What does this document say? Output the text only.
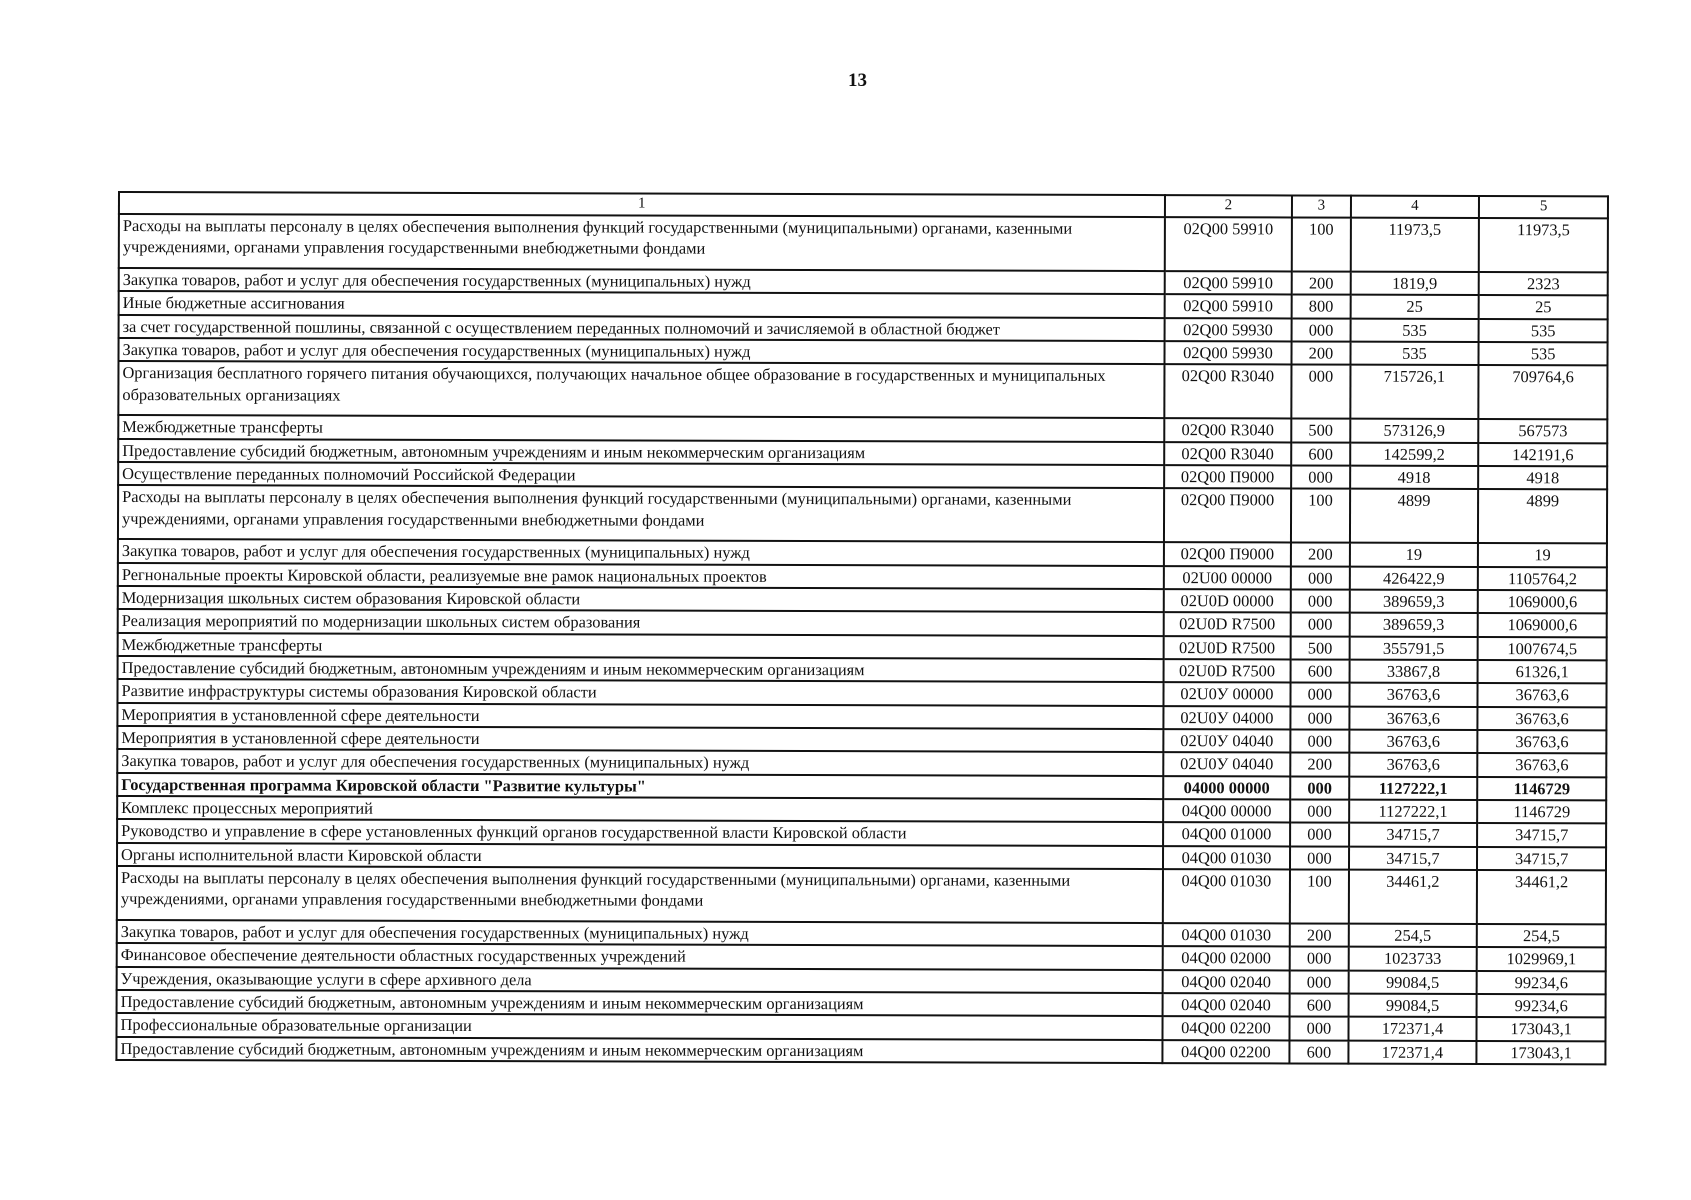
13
1	2	3	4	5
Расходы на выплаты персоналу в целях обеспечения выполнения функций государственными (муниципальными) органами, казенными учреждениями, органами управления государственными внебюджетными фондами	02Q00 59910	100	11973,5	11973,5
Закупка товаров, работ и услуг для обеспечения государственных (муниципальных) нужд	02Q00 59910	200	1819,9	2323
Иные бюджетные ассигнования	02Q00 59910	800	25	25
за счет государственной пошлины, связанной с осуществлением переданных полномочий и зачисляемой в областной бюджет	02Q00 59930	000	535	535
Закупка товаров, работ и услуг для обеспечения государственных (муниципальных) нужд	02Q00 59930	200	535	535
Организация бесплатного горячего питания обучающихся, получающих начальное общее образование в государственных и муниципальных образовательных организациях	02Q00 R3040	000	715726,1	709764,6
Межбюджетные трансферты	02Q00 R3040	500	573126,9	567573
Предоставление субсидий бюджетным, автономным учреждениям и иным некоммерческим организациям	02Q00 R3040	600	142599,2	142191,6
Осуществление переданных полномочий Российской Федерации	02Q00 П9000	000	4918	4918
Расходы на выплаты персоналу в целях обеспечения выполнения функций государственными (муниципальными) органами, казенными учреждениями, органами управления государственными внебюджетными фондами	02Q00 П9000	100	4899	4899
Закупка товаров, работ и услуг для обеспечения государственных (муниципальных) нужд	02Q00 П9000	200	19	19
Регнональные проекты Кировской области, реализуемые вне рамок национальных проектов	02U00 00000	000	426422,9	1105764,2
Модернизация школьных систем образования Кировской области	02U0D 00000	000	389659,3	1069000,6
Реализация мероприятий по модернизации школьных систем образования	02U0D R7500	000	389659,3	1069000,6
Межбюджетные трансферты	02U0D R7500	500	355791,5	1007674,5
Предоставление субсидий бюджетным, автономным учреждениям и иным некоммерческим организациям	02U0D R7500	600	33867,8	61326,1
Развитие инфраструктуры системы образования Кировской области	02U0У 00000	000	36763,6	36763,6
Мероприятия в установленной сфере деятельности	02U0У 04000	000	36763,6	36763,6
Мероприятия в установленной сфере деятельности	02U0У 04040	000	36763,6	36763,6
Закупка товаров, работ и услуг для обеспечения государственных (муниципальных) нужд	02U0У 04040	200	36763,6	36763,6
Государственная программа Кировской области "Развитие культуры"	04000 00000	000	1127222,1	1146729
Комплекс процессных мероприятий	04Q00 00000	000	1127222,1	1146729
Руководство и управление в сфере установленных функций органов государственной власти Кировской области	04Q00 01000	000	34715,7	34715,7
Органы исполнительной власти Кировской области	04Q00 01030	000	34715,7	34715,7
Расходы на выплаты персоналу в целях обеспечения выполнения функций государственными (муниципальными) органами, казенными учреждениями, органами управления государственными внебюджетными фондами	04Q00 01030	100	34461,2	34461,2
Закупка товаров, работ и услуг для обеспечения государственных (муниципальных) нужд	04Q00 01030	200	254,5	254,5
Финансовое обеспечение деятельности областных государственных учреждений	04Q00 02000	000	1023733	1029969,1
Учреждения, оказывающие услуги в сфере архивного дела	04Q00 02040	000	99084,5	99234,6
Предоставление субсидий бюджетным, автономным учреждениям и иным некоммерческим организациям	04Q00 02040	600	99084,5	99234,6
Профессиональные образовательные организации	04Q00 02200	000	172371,4	173043,1
Предоставление субсидий бюджетным, автономным учреждениям и иным некоммерческим организациям	04Q00 02200	600	172371,4	173043,1
